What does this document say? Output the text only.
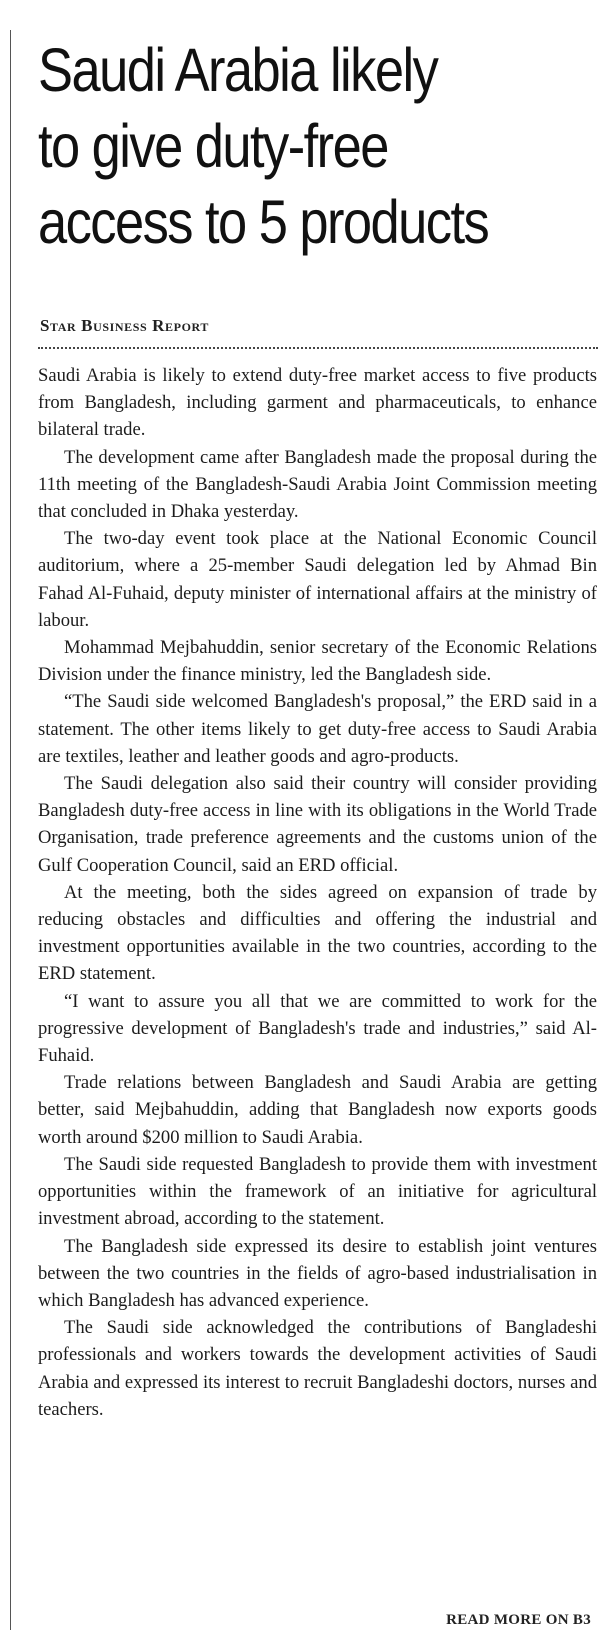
Saudi Arabia likely
to give duty-free
access to 5 products
Star Business Report

Saudi Arabia is likely to extend duty-free market access to five products from Bangladesh, including garment and pharmaceuticals, to enhance bilateral trade.

The development came after Bangladesh made the proposal during the 11th meeting of the Bangladesh-Saudi Arabia Joint Commission meeting that concluded in Dhaka yesterday.

The two-day event took place at the National Economic Council auditorium, where a 25-member Saudi delegation led by Ahmad Bin Fahad Al-Fuhaid, deputy minister of international affairs at the ministry of labour.

Mohammad Mejbahuddin, senior secretary of the Economic Relations Division under the finance ministry, led the Bangladesh side.

“The Saudi side welcomed Bangladesh's proposal,” the ERD said in a statement. The other items likely to get duty-free access to Saudi Arabia are textiles, leather and leather goods and agro-products.

The Saudi delegation also said their country will consider providing Bangladesh duty-free access in line with its obligations in the World Trade Organisation, trade preference agreements and the customs union of the Gulf Cooperation Council, said an ERD official.

At the meeting, both the sides agreed on expansion of trade by reducing obstacles and difficulties and offering the industrial and investment opportunities available in the two countries, according to the ERD statement.

“I want to assure you all that we are committed to work for the progressive development of Bangladesh's trade and industries,” said Al-Fuhaid.

Trade relations between Bangladesh and Saudi Arabia are getting better, said Mejbahuddin, adding that Bangladesh now exports goods worth around $200 million to Saudi Arabia.

The Saudi side requested Bangladesh to provide them with investment opportunities within the framework of an initiative for agricultural investment abroad, according to the statement.

The Bangladesh side expressed its desire to establish joint ventures between the two countries in the fields of agro-based industrialisation in which Bangladesh has advanced experience.

The Saudi side acknowledged the contributions of Bangladeshi professionals and workers towards the development activities of Saudi Arabia and expressed its interest to recruit Bangladeshi doctors, nurses and teachers.

READ MORE ON B3
